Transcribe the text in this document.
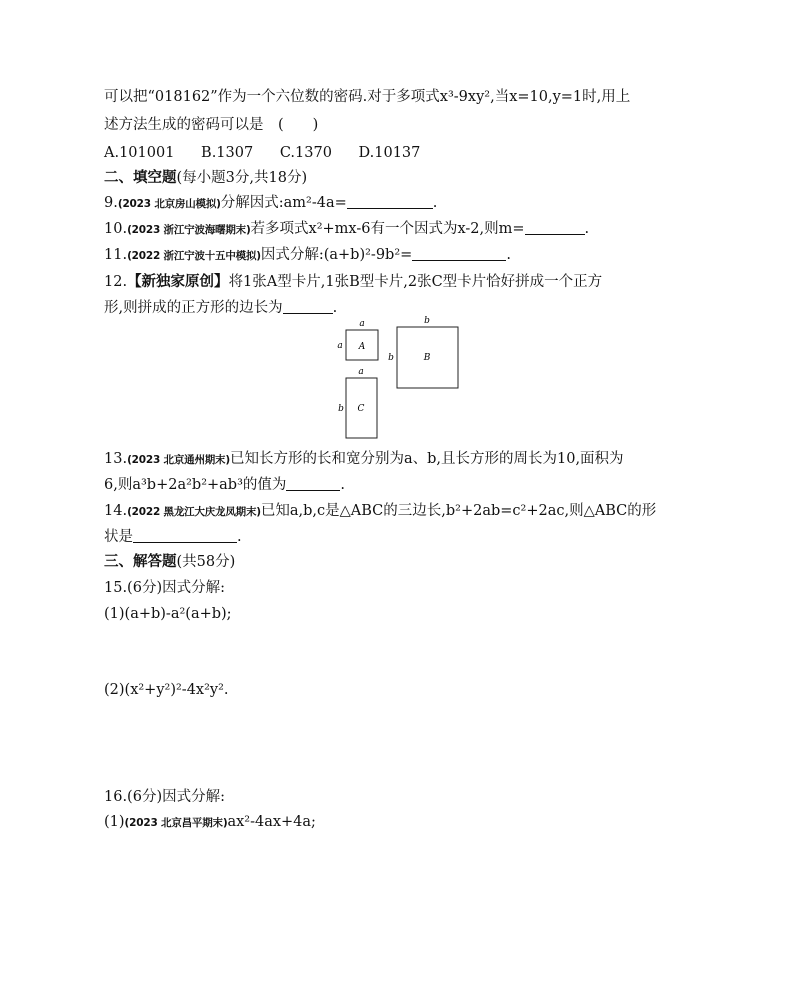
可以把“018162”作为一个六位数的密码.对于多项式x³-9xy²,当x=10,y=1时,用上
述方法生成的密码可以是　(　　)
A.101001 B.1307 C.1370 D.10137
二、填空题(每小题3分,共18分)
9.(2023 北京房山模拟)分解因式:am²-4a=	.
10.(2023 浙江宁波海曙期末)若多项式x²+mx-6有一个因式为x-2,则m=	.
11.(2022 浙江宁波十五中模拟)因式分解:(a+b)²-9b²=	.
12.【新独家原创】将1张A型卡片,1张B型卡片,2张C型卡片恰好拼成一个正方
形,则拼成的正方形的边长为	.
a
a A
b
b	B
a
b C
13.(2023 北京通州期末)已知长方形的长和宽分别为a、b,且长方形的周长为10,面积为
6,则a³b+2a²b²+ab³的值为	.
14.(2022 黑龙江大庆龙凤期末)已知a,b,c是△ABC的三边长,b²+2ab=c²+2ac,则△ABC的形
状是	.
三、解答题(共58分)
15.(6分)因式分解:
(1)(a+b)-a²(a+b);
(2)(x²+y²)²-4x²y².
16.(6分)因式分解:
(1)(2023 北京昌平期末)ax²-4ax+4a;
